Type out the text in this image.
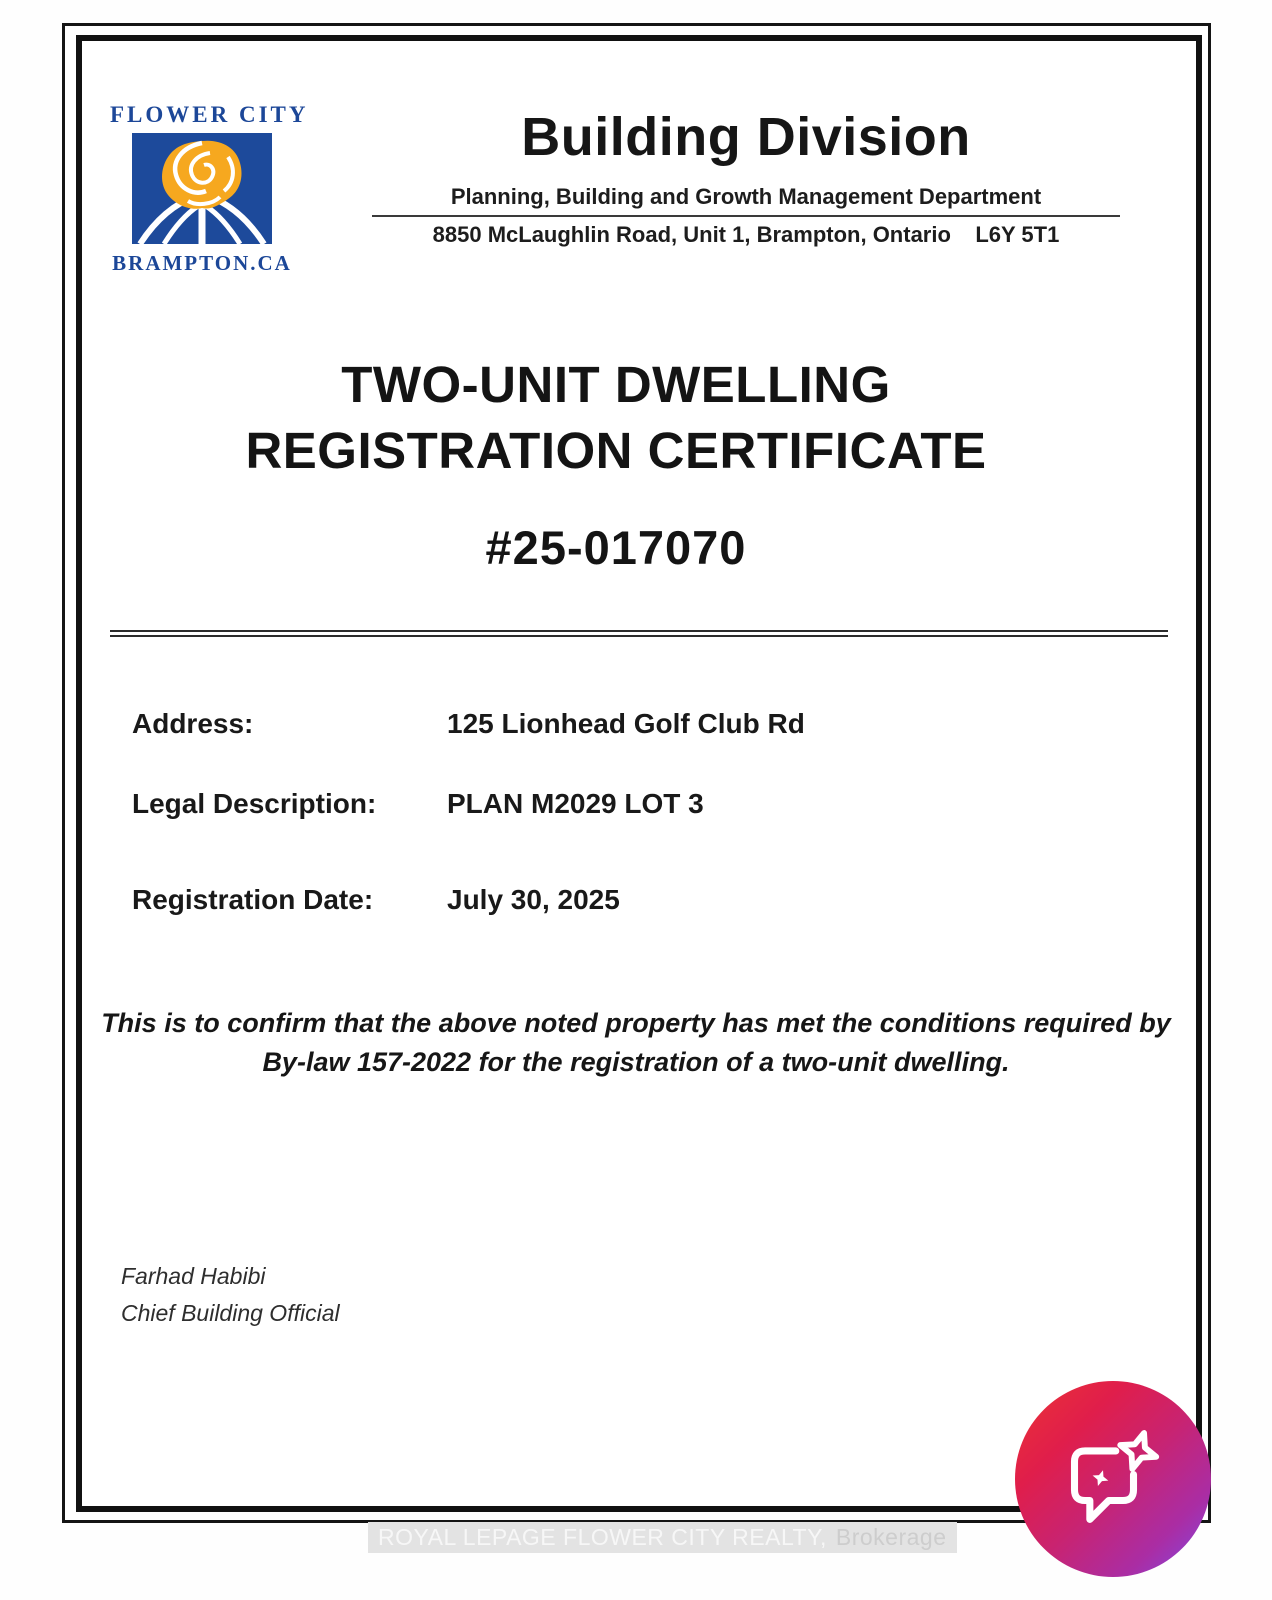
FLOWER CITY
BRAMPTON.CA
Building Division
Planning, Building and Growth Management Department
8850 McLaughlin Road, Unit 1, Brampton, Ontario    L6Y 5T1
TWO-UNIT DWELLING
REGISTRATION CERTIFICATE
#25-017070
Address:	125 Lionhead Golf Club Rd
Legal Description:	PLAN M2029 LOT 3
Registration Date:	July 30, 2025
This is to confirm that the above noted property has met the conditions required by By-law 157-2022 for the registration of a two-unit dwelling.
Farhad Habibi
Chief Building Official
ROYAL LEPAGE FLOWER CITY REALTY, Brokerage
